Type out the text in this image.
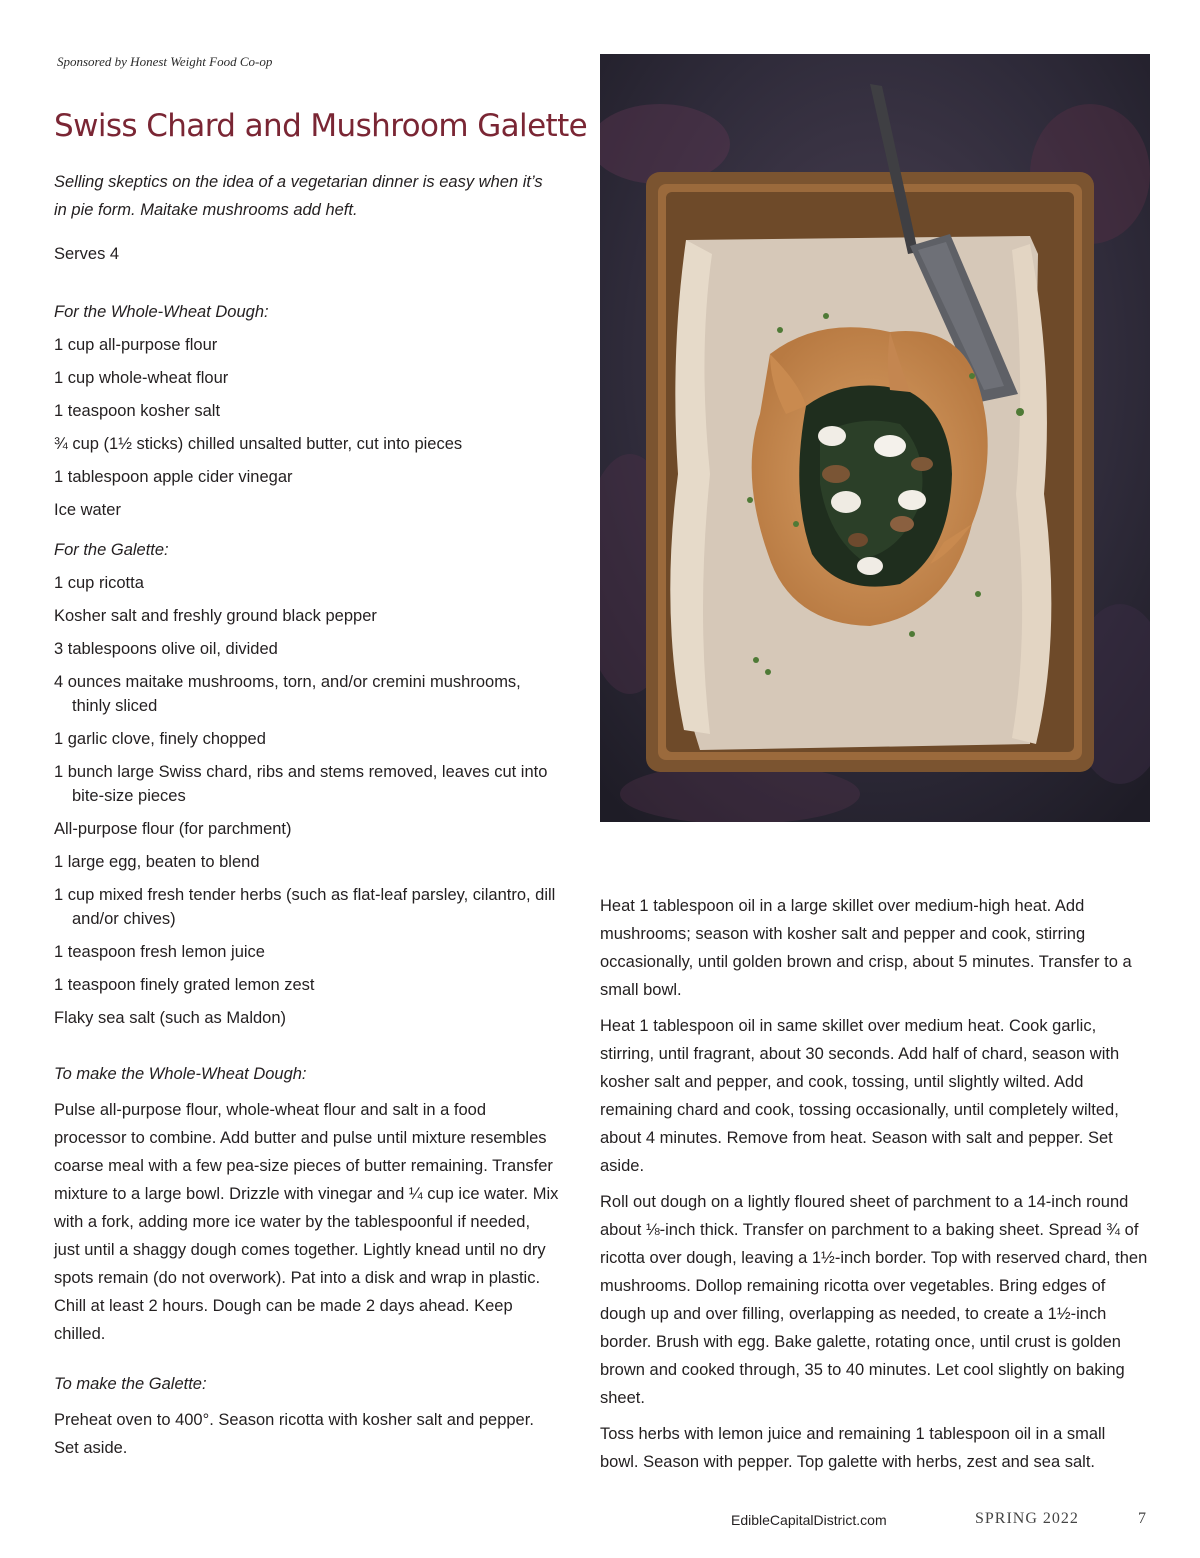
Sponsored by Honest Weight Food Co-op
Swiss Chard and Mushroom Galette
Selling skeptics on the idea of a vegetarian dinner is easy when it’s in pie form. Maitake mushrooms add heft.
Serves 4
For the Whole-Wheat Dough:
1 cup all-purpose flour
1 cup whole-wheat flour
1 teaspoon kosher salt
¾ cup (1½ sticks) chilled unsalted butter, cut into pieces
1 tablespoon apple cider vinegar
Ice water
For the Galette:
1 cup ricotta
Kosher salt and freshly ground black pepper
3 tablespoons olive oil, divided
4 ounces maitake mushrooms, torn, and/or cremini mushrooms, thinly sliced
1 garlic clove, finely chopped
1 bunch large Swiss chard, ribs and stems removed, leaves cut into bite-size pieces
All-purpose flour (for parchment)
1 large egg, beaten to blend
1 cup mixed fresh tender herbs (such as flat-leaf parsley, cilantro, dill and/or chives)
1 teaspoon fresh lemon juice
1 teaspoon finely grated lemon zest
Flaky sea salt (such as Maldon)
To make the Whole-Wheat Dough:

Pulse all-purpose flour, whole-wheat flour and salt in a food processor to combine. Add butter and pulse until mixture resembles coarse meal with a few pea-size pieces of butter remaining. Transfer mixture to a large bowl. Drizzle with vinegar and ¼ cup ice water. Mix with a fork, adding more ice water by the tablespoonful if needed, just until a shaggy dough comes together. Lightly knead until no dry spots remain (do not overwork). Pat into a disk and wrap in plastic. Chill at least 2 hours. Dough can be made 2 days ahead. Keep chilled.

To make the Galette:

Preheat oven to 400°. Season ricotta with kosher salt and pepper. Set aside.

Heat 1 tablespoon oil in a large skillet over medium-high heat. Add mushrooms; season with kosher salt and pepper and cook, stirring occasionally, until golden brown and crisp, about 5 minutes. Transfer to a small bowl.

Heat 1 tablespoon oil in same skillet over medium heat. Cook garlic, stirring, until fragrant, about 30 seconds. Add half of chard, season with kosher salt and pepper, and cook, tossing, until slightly wilted. Add remaining chard and cook, tossing occasionally, until completely wilted, about 4 minutes. Remove from heat. Season with salt and pepper. Set aside.

Roll out dough on a lightly floured sheet of parchment to a 14-inch round about ⅛-inch thick. Transfer on parchment to a baking sheet. Spread ¾ of ricotta over dough, leaving a 1½-inch border. Top with reserved chard, then mushrooms. Dollop remaining ricotta over vegetables. Bring edges of dough up and over filling, overlapping as needed, to create a 1½-inch border. Brush with egg. Bake galette, rotating once, until crust is golden brown and cooked through, 35 to 40 minutes. Let cool slightly on baking sheet.

Toss herbs with lemon juice and remaining 1 tablespoon oil in a small bowl. Season with pepper. Top galette with herbs, zest and sea salt.

EdibleCapitalDistrict.com	SPRING 2022	7
